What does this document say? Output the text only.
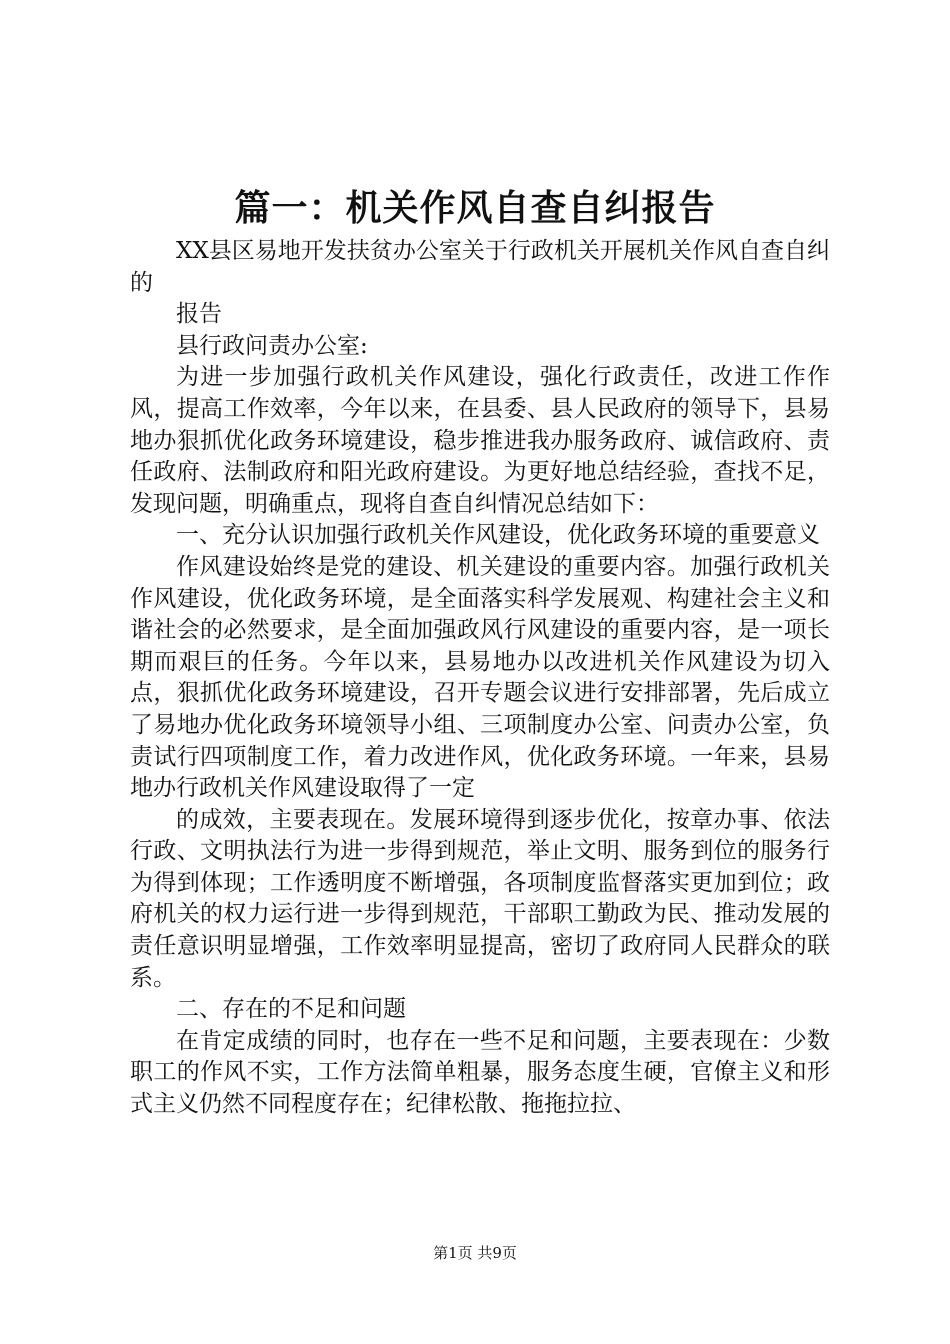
篇一：机关作风自查自纠报告

XX县区易地开发扶贫办公室关于行政机关开展机关作风自查自纠的

报告

县行政问责办公室:

为进一步加强行政机关作风建设，强化行政责任，改进工作作风，提高工作效率，今年以来，在县委、县人民政府的领导下，县易地办狠抓优化政务环境建设，稳步推进我办服务政府、诚信政府、责任政府、法制政府和阳光政府建设。为更好地总结经验，查找不足，发现问题，明确重点，现将自查自纠情况总结如下：

一、充分认识加强行政机关作风建设，优化政务环境的重要意义

作风建设始终是党的建设、机关建设的重要内容。加强行政机关作风建设，优化政务环境，是全面落实科学发展观、构建社会主义和谐社会的必然要求，是全面加强政风行风建设的重要内容，是一项长期而艰巨的任务。今年以来，县易地办以改进机关作风建设为切入点，狠抓优化政务环境建设，召开专题会议进行安排部署，先后成立了易地办优化政务环境领导小组、三项制度办公室、问责办公室，负责试行四项制度工作，着力改进作风，优化政务环境。一年来，县易地办行政机关作风建设取得了一定

的成效，主要表现在。发展环境得到逐步优化，按章办事、依法行政、文明执法行为进一步得到规范，举止文明、服务到位的服务行为得到体现；工作透明度不断增强，各项制度监督落实更加到位；政府机关的权力运行进一步得到规范，干部职工勤政为民、推动发展的责任意识明显增强，工作效率明显提高，密切了政府同人民群众的联系。

二、存在的不足和问题

在肯定成绩的同时，也存在一些不足和问题，主要表现在：少数职工的作风不实，工作方法简单粗暴，服务态度生硬，官僚主义和形式主义仍然不同程度存在；纪律松散、拖拖拉拉、

第1页 共9页
